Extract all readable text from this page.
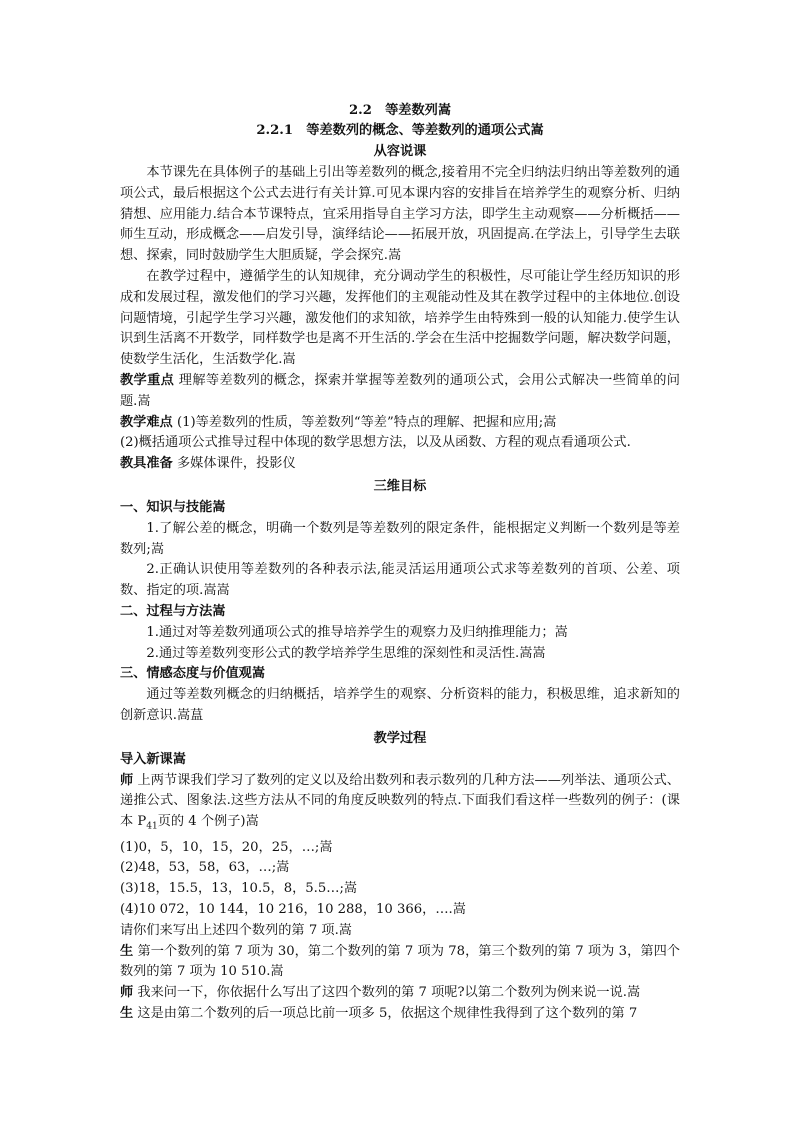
2.2　等差数列嵩
2.2.1　等差数列的概念、等差数列的通项公式嵩
从容说课

本节课先在具体例子的基础上引出等差数列的概念,接着用不完全归纳法归纳出等差数列的通项公式，最后根据这个公式去进行有关计算.可见本课内容的安排旨在培养学生的观察分析、归纳猜想、应用能力.结合本节课特点，宜采用指导自主学习方法，即学生主动观察——分析概括——师生互动，形成概念——启发引导，演绎结论——拓展开放，巩固提高.在学法上，引导学生去联想、探索，同时鼓励学生大胆质疑，学会探究.嵩

在教学过程中，遵循学生的认知规律，充分调动学生的积极性，尽可能让学生经历知识的形成和发展过程，激发他们的学习兴趣，发挥他们的主观能动性及其在教学过程中的主体地位.创设问题情境，引起学生学习兴趣，激发他们的求知欲，培养学生由特殊到一般的认知能力.使学生认识到生活离不开数学，同样数学也是离不开生活的.学会在生活中挖掘数学问题，解决数学问题，使数学生活化，生活数学化.嵩

教学重点 理解等差数列的概念，探索并掌握等差数列的通项公式，会用公式解决一些简单的问题.嵩

教学难点 (1)等差数列的性质，等差数列“等差”特点的理解、把握和应用;嵩

(2)概括通项公式推导过程中体现的数学思想方法，以及从函数、方程的观点看通项公式.

教具准备 多媒体课件，投影仪

三维目标

一、知识与技能嵩

1.了解公差的概念，明确一个数列是等差数列的限定条件，能根据定义判断一个数列是等差数列;嵩

2.正确认识使用等差数列的各种表示法,能灵活运用通项公式求等差数列的首项、公差、项数、指定的项.嵩嵩

二、过程与方法嵩

1.通过对等差数列通项公式的推导培养学生的观察力及归纳推理能力；嵩

2.通过等差数列变形公式的教学培养学生思维的深刻性和灵活性.嵩嵩

三、情感态度与价值观嵩

通过等差数列概念的归纳概括，培养学生的观察、分析资料的能力，积极思维，追求新知的创新意识.嵩蒀

教学过程

导入新课嵩

师 上两节课我们学习了数列的定义以及给出数列和表示数列的几种方法——列举法、通项公式、递推公式、图象法.这些方法从不同的角度反映数列的特点.下面我们看这样一些数列的例子：(课本 $P_{41}$页的 4 个例子)嵩

(1)0，5，10，15，20，25，…;嵩

(2)48，53，58，63，…;嵩

(3)18，15.5，13，10.5，8，5.5…;嵩

(4)10 072，10 144，10 216，10 288，10 366，….嵩

请你们来写出上述四个数列的第 7 项.嵩

生 第一个数列的第 7 项为 30，第二个数列的第 7 项为 78，第三个数列的第 7 项为 3，第四个数列的第 7 项为 10 510.嵩

师 我来问一下，你依据什么写出了这四个数列的第 7 项呢?以第二个数列为例来说一说.嵩

生 这是由第二个数列的后一项总比前一项多 5，依据这个规律性我得到了这个数列的第 7
